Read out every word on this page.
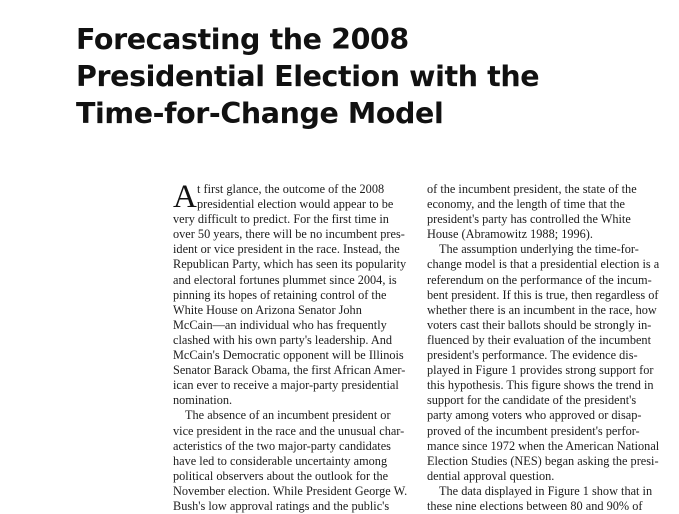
Forecasting the 2008
Presidential Election with the
Time-for-Change Model
A t first glance, the outcome of the 2008
presidential election would appear to be
very difficult to predict. For the first time in
over 50 years, there will be no incumbent pres-
ident or vice president in the race. Instead, the
Republican Party, which has seen its popularity
and electoral fortunes plummet since 2004, is
pinning its hopes of retaining control of the
White House on Arizona Senator John
McCain—an individual who has frequently
clashed with his own party's leadership. And
McCain's Democratic opponent will be Illinois
Senator Barack Obama, the first African Amer-
ican ever to receive a major-party presidential
nomination.
The absence of an incumbent president or
vice president in the race and the unusual char-
acteristics of the two major-party candidates
have led to considerable uncertainty among
political observers about the outlook for the
November election. While President George W.
Bush's low approval ratings and the public's
of the incumbent president, the state of the
economy, and the length of time that the
president's party has controlled the White
House (Abramowitz 1988; 1996).
The assumption underlying the time-for-
change model is that a presidential election is a
referendum on the performance of the incum-
bent president. If this is true, then regardless of
whether there is an incumbent in the race, how
voters cast their ballots should be strongly in-
fluenced by their evaluation of the incumbent
president's performance. The evidence dis-
played in Figure 1 provides strong support for
this hypothesis. This figure shows the trend in
support for the candidate of the president's
party among voters who approved or disap-
proved of the incumbent president's perfor-
mance since 1972 when the American National
Election Studies (NES) began asking the presi-
dential approval question.
The data displayed in Figure 1 show that in
these nine elections between 80 and 90% of
